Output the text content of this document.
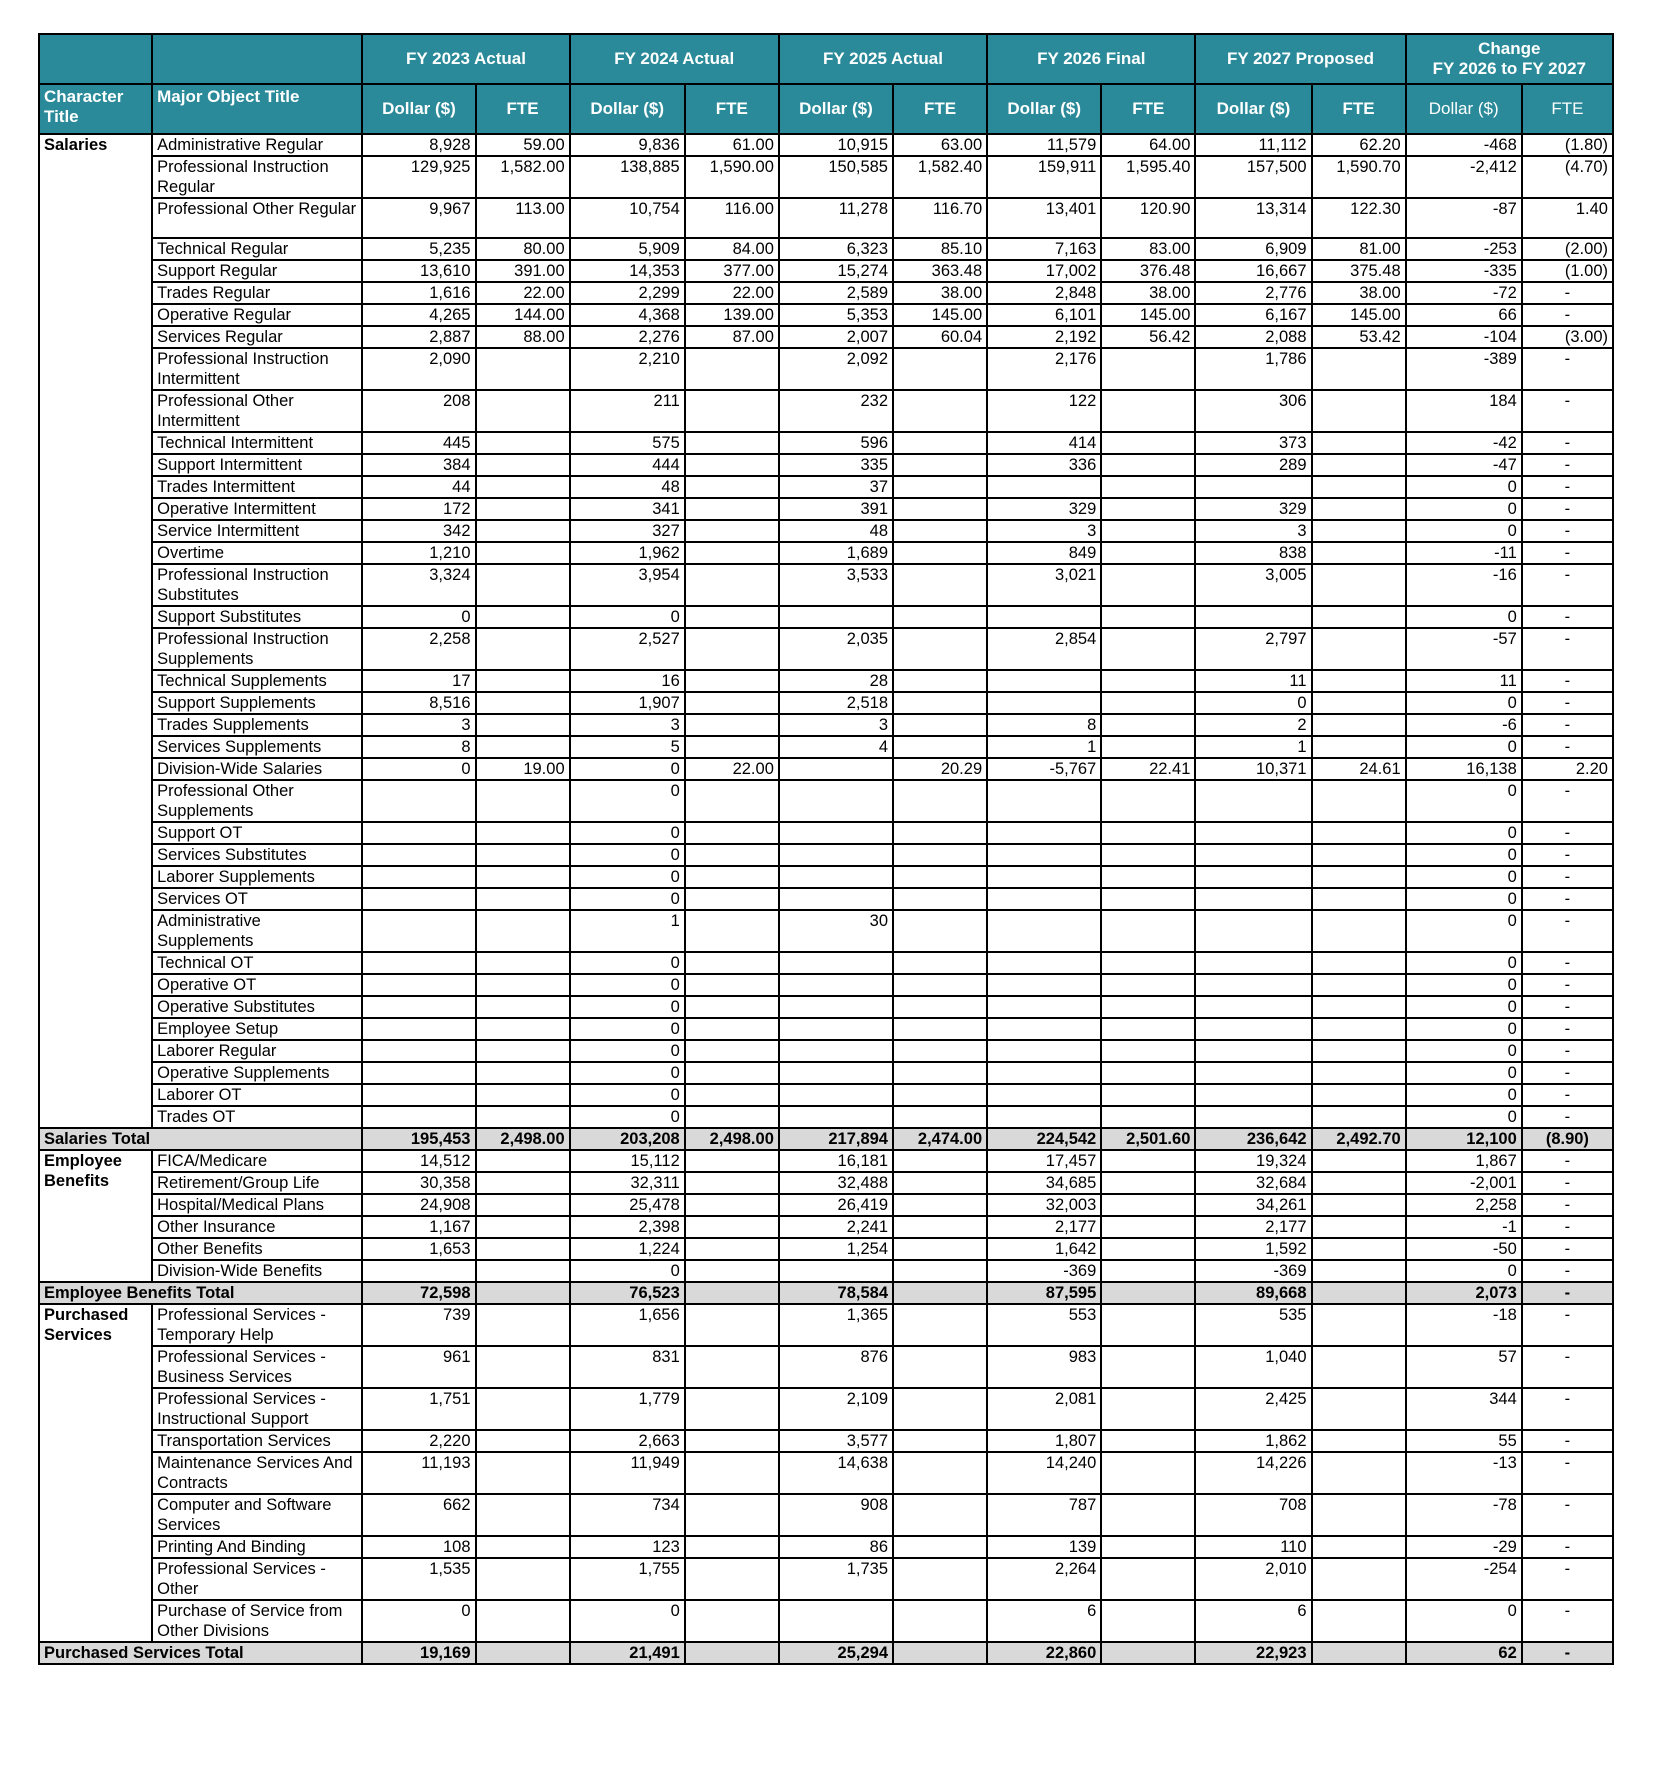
		FY 2023 Actual		FY 2024 Actual		FY 2025 Actual		FY 2026 Final		FY 2027 Proposed		Change
FY 2026 to FY 2027	

Character Title	Major Object Title	Dollar ($)	FTE	Dollar ($)	FTE	Dollar ($)	FTE	Dollar ($)	FTE	Dollar ($)	FTE	Dollar ($)	FTE
Salaries	Administrative Regular	8,928	59.00	9,836	61.00	10,915	63.00	11,579	64.00	11,112	62.20	-468	(1.80)
	Professional Instruction Regular	129,925	1,582.00	138,885	1,590.00	150,585	1,582.40	159,911	1,595.40	157,500	1,590.70	-2,412	(4.70)
	Professional Other Regular	9,967	113.00	10,754	116.00	11,278	116.70	13,401	120.90	13,314	122.30	-87	1.40
	Technical Regular	5,235	80.00	5,909	84.00	6,323	85.10	7,163	83.00	6,909	81.00	-253	(2.00)
	Support Regular	13,610	391.00	14,353	377.00	15,274	363.48	17,002	376.48	16,667	375.48	-335	(1.00)
	Trades Regular	1,616	22.00	2,299	22.00	2,589	38.00	2,848	38.00	2,776	38.00	-72	-
	Operative Regular	4,265	144.00	4,368	139.00	5,353	145.00	6,101	145.00	6,167	145.00	66	-
	Services Regular	2,887	88.00	2,276	87.00	2,007	60.04	2,192	56.42	2,088	53.42	-104	(3.00)
	Professional Instruction Intermittent	2,090		2,210		2,092		2,176		1,786		-389	-
	Professional Other Intermittent	208		211		232		122		306		184	-
	Technical Intermittent	445		575		596		414		373		-42	-
	Support Intermittent	384		444		335		336		289		-47	-
	Trades Intermittent	44		48		37						0	-
	Operative Intermittent	172		341		391		329		329		0	-
	Service Intermittent	342		327		48		3		3		0	-
	Overtime	1,210		1,962		1,689		849		838		-11	-
	Professional Instruction Substitutes	3,324		3,954		3,533		3,021		3,005		-16	-
	Support Substitutes	0		0								0	-
	Professional Instruction Supplements	2,258		2,527		2,035		2,854		2,797		-57	-
	Technical Supplements	17		16		28				11		11	-
	Support Supplements	8,516		1,907		2,518				0		0	-
	Trades Supplements	3		3		3		8		2		-6	-
	Services Supplements	8		5		4		1		1		0	-
	Division-Wide Salaries	0	19.00	0	22.00		20.29	-5,767	22.41	10,371	24.61	16,138	2.20
	Professional Other Supplements			0								0	-
	Support OT			0								0	-
	Services Substitutes			0								0	-
	Laborer Supplements			0								0	-
	Services OT			0								0	-
	Administrative Supplements			1		30						0	-
	Technical OT			0								0	-
	Operative OT			0								0	-
	Operative Substitutes			0								0	-
	Employee Setup			0								0	-
	Laborer Regular			0								0	-
	Operative Supplements			0								0	-
	Laborer OT			0								0	-
	Trades OT			0								0	-
Salaries Total		195,453	2,498.00	203,208	2,498.00	217,894	2,474.00	224,542	2,501.60	236,642	2,492.70	12,100	(8.90)
Employee Benefits	FICA/Medicare	14,512		15,112		16,181		17,457		19,324		1,867	-
	Retirement/Group Life	30,358		32,311		32,488		34,685		32,684		-2,001	-
	Hospital/Medical Plans	24,908		25,478		26,419		32,003		34,261		2,258	-
	Other Insurance	1,167		2,398		2,241		2,177		2,177		-1	-
	Other Benefits	1,653		1,224		1,254		1,642		1,592		-50	-
	Division-Wide Benefits			0				-369		-369		0	-
Employee Benefits Total		72,598		76,523		78,584		87,595		89,668		2,073	-
Purchased Services	Professional Services - Temporary Help	739		1,656		1,365		553		535		-18	-
	Professional Services - Business Services	961		831		876		983		1,040		57	-
	Professional Services - Instructional Support	1,751		1,779		2,109		2,081		2,425		344	-
	Transportation Services	2,220		2,663		3,577		1,807		1,862		55	-
	Maintenance Services And Contracts	11,193		11,949		14,638		14,240		14,226		-13	-
	Computer and Software Services	662		734		908		787		708		-78	-
	Printing And Binding	108		123		86		139		110		-29	-
	Professional Services - Other	1,535		1,755		1,735		2,264		2,010		-254	-
	Purchase of Service from Other Divisions	0		0				6		6		0	-
Purchased Services Total		19,169		21,491		25,294		22,860		22,923		62	-
